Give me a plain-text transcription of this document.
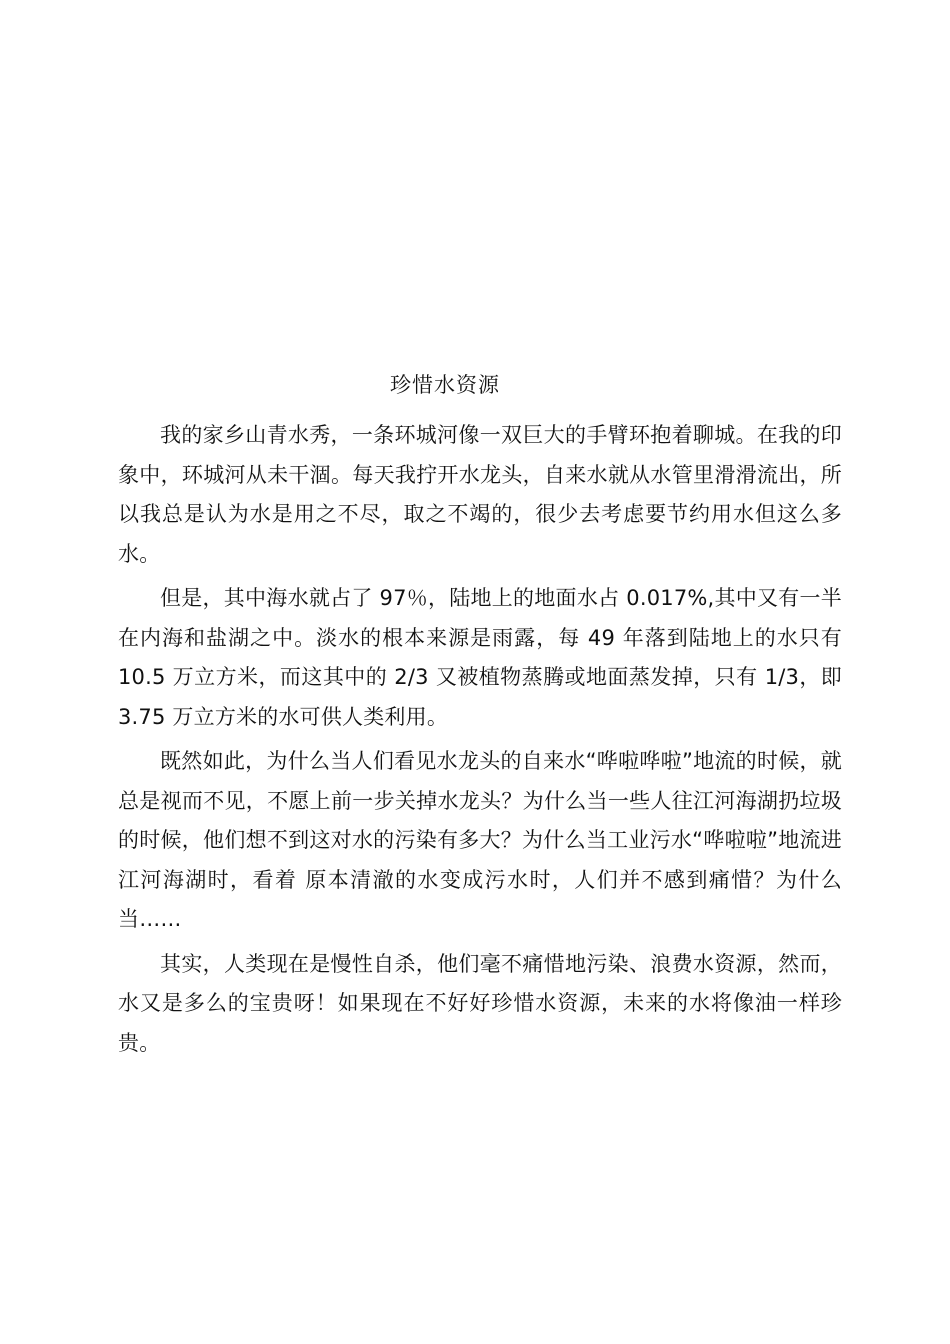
珍惜水资源

我的家乡山青水秀，一条环城河像一双巨大的手臂环抱着聊城。在我的印象中，环城河从未干涸。每天我拧开水龙头，自来水就从水管里滑滑流出，所以我总是认为水是用之不尽，取之不竭的，很少去考虑要节约用水但这么多水。

但是，其中海水就占了 97％，陆地上的地面水占 0.017%,其中又有一半在内海和盐湖之中。淡水的根本来源是雨露，每 49 年落到陆地上的水只有 10.5 万立方米，而这其中的 2/3 又被植物蒸腾或地面蒸发掉，只有 1/3，即 3.75 万立方米的水可供人类利用。

既然如此，为什么当人们看见水龙头的自来水“哗啦哗啦”地流的时候，就总是视而不见，不愿上前一步关掉水龙头？为什么当一些人往江河海湖扔垃圾的时候，他们想不到这对水的污染有多大？为什么当工业污水“哗啦啦”地流进江河海湖时，看着 原本清澈的水变成污水时，人们并不感到痛惜？为什么当……

其实，人类现在是慢性自杀，他们毫不痛惜地污染、浪费水资源，然而，水又是多么的宝贵呀！如果现在不好好珍惜水资源，未来的水将像油一样珍贵。
